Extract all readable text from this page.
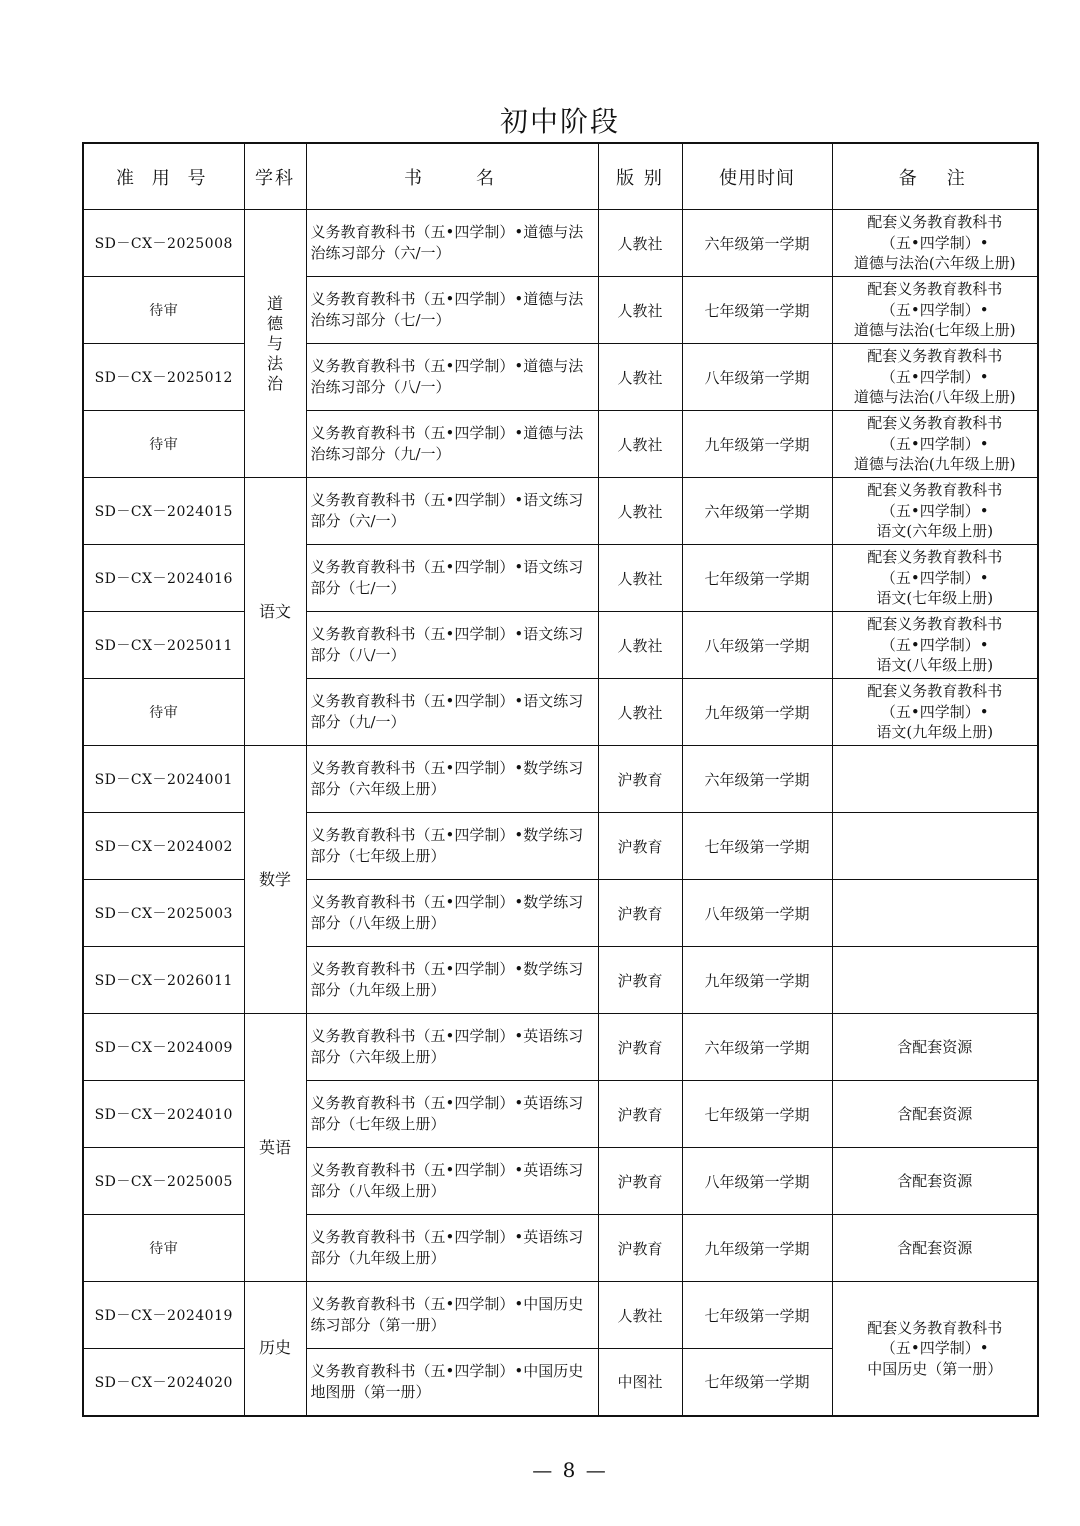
初中阶段
准 用 号	学科	书　　名	版 别	使用时间	备　注
SD－CX－2025008	道德与法治	义务教育教科书（五•四学制）•道德与法治练习部分（六/一）	人教社	六年级第一学期	配套义务教育教科书
（五•四学制）•
道德与法治(六年级上册)
待审		义务教育教科书（五•四学制）•道德与法治练习部分（七/一）	人教社	七年级第一学期	配套义务教育教科书
（五•四学制）•
道德与法治(七年级上册)
SD－CX－2025012		义务教育教科书（五•四学制）•道德与法治练习部分（八/一）	人教社	八年级第一学期	配套义务教育教科书
（五•四学制）•
道德与法治(八年级上册)
待审		义务教育教科书（五•四学制）•道德与法治练习部分（九/一）	人教社	九年级第一学期	配套义务教育教科书
（五•四学制）•
道德与法治(九年级上册)
SD－CX－2024015	语文	义务教育教科书（五•四学制）•语文练习部分（六/一）	人教社	六年级第一学期	配套义务教育教科书
（五•四学制）•
语文(六年级上册)
SD－CX－2024016		义务教育教科书（五•四学制）•语文练习部分（七/一）	人教社	七年级第一学期	配套义务教育教科书
（五•四学制）•
语文(七年级上册)
SD－CX－2025011		义务教育教科书（五•四学制）•语文练习部分（八/一）	人教社	八年级第一学期	配套义务教育教科书
（五•四学制）•
语文(八年级上册)
待审		义务教育教科书（五•四学制）•语文练习部分（九/一）	人教社	九年级第一学期	配套义务教育教科书
（五•四学制）•
语文(九年级上册)
SD－CX－2024001	数学	义务教育教科书（五•四学制）•数学练习部分（六年级上册）	沪教育	六年级第一学期	
SD－CX－2024002		义务教育教科书（五•四学制）•数学练习部分（七年级上册）	沪教育	七年级第一学期	
SD－CX－2025003		义务教育教科书（五•四学制）•数学练习部分（八年级上册）	沪教育	八年级第一学期	
SD－CX－2026011		义务教育教科书（五•四学制）•数学练习部分（九年级上册）	沪教育	九年级第一学期	
SD－CX－2024009	英语	义务教育教科书（五•四学制）•英语练习部分（六年级上册）	沪教育	六年级第一学期	含配套资源
SD－CX－2024010		义务教育教科书（五•四学制）•英语练习部分（七年级上册）	沪教育	七年级第一学期	含配套资源
SD－CX－2025005		义务教育教科书（五•四学制）•英语练习部分（八年级上册）	沪教育	八年级第一学期	含配套资源
待审		义务教育教科书（五•四学制）•英语练习部分（九年级上册）	沪教育	九年级第一学期	含配套资源
SD－CX－2024019	历史	义务教育教科书（五•四学制）•中国历史练习部分（第一册）	人教社	七年级第一学期	配套义务教育教科书
（五•四学制）•
中国历史（第一册）
SD－CX－2024020		义务教育教科书（五•四学制）•中国历史地图册（第一册）	中图社	七年级第一学期	
— 8 —
